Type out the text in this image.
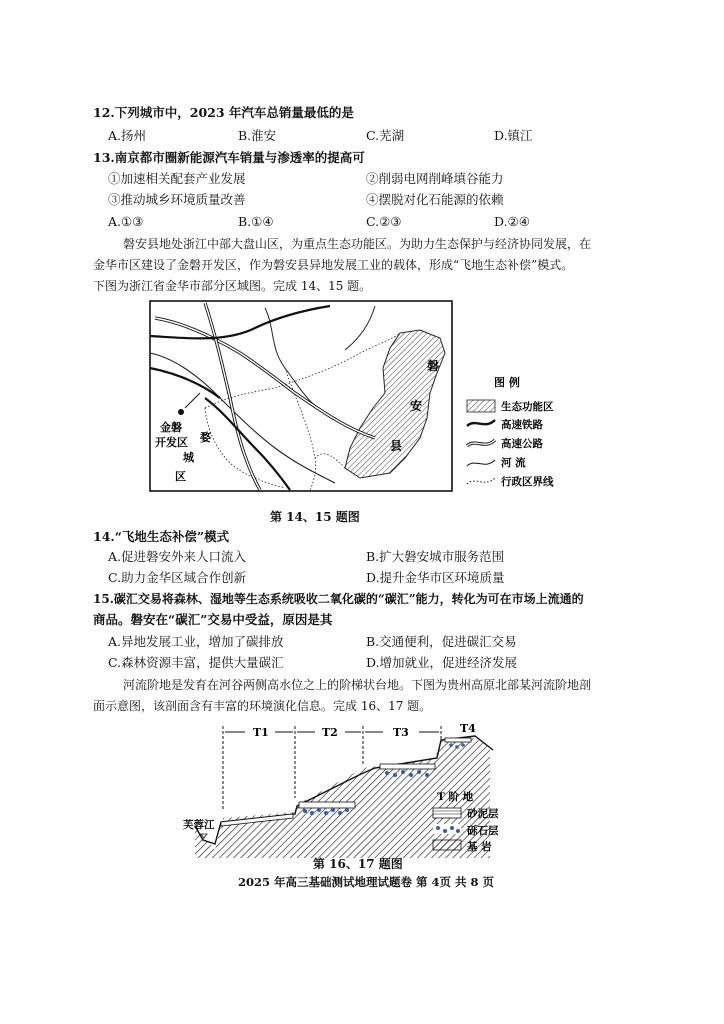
12.下列城市中，2023 年汽车总销量最低的是
A.扬州	B.淮安	C.芜湖	D.镇江
13.南京都市圈新能源汽车销量与渗透率的提高可
①加速相关配套产业发展	②削弱电网削峰填谷能力
③推动城乡环境质量改善	④摆脱对化石能源的依赖
A.①③	B.①④	C.②③	D.②④
磐安县地处浙江中部大盘山区，为重点生态功能区。为助力生态保护与经济协同发展，在
金华市区建设了金磐开发区，作为磐安县异地发展工业的载体，形成“飞地生态补偿”模式。
下图为浙江省金华市部分区域图。完成 14、15 题。
磐
安
县
金磐
开发区 婺
城
区
图 例
生态功能区
高速铁路
高速公路
河 流
行政区界线
第 14、15 题图
14.“飞地生态补偿”模式
A.促进磐安外来人口流入	B.扩大磐安城市服务范围
C.助力金华区域合作创新	D.提升金华市区环境质量
15.碳汇交易将森林、湿地等生态系统吸收二氧化碳的“碳汇”能力，转化为可在市场上流通的
商品。磐安在“碳汇”交易中受益，原因是其
A.异地发展工业，增加了碳排放	B.交通便利，促进碳汇交易
C.森林资源丰富，提供大量碳汇	D.增加就业，促进经济发展
河流阶地是发育在河谷两侧高水位之上的阶梯状台地。下图为贵州高原北部某河流阶地剖
面示意图，该剖面含有丰富的环境演化信息。完成 16、17 题。
T1	T2	T3	T4
芙蓉江
T 阶 地
砂泥层
砾石层
基 岩
第 16、17 题图
2025 年高三基础测试地理试题卷 第 4页 共 8 页
